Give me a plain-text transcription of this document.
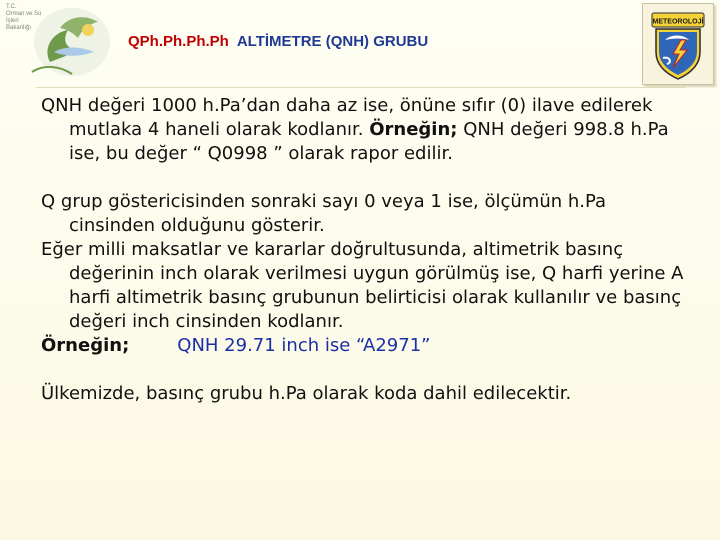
T.C.
Orman ve Su İşleri
Bakanlığı
QPh.Ph.Ph.Ph ALTİMETRE (QNH) GRUBU
METEOROLOJİ

QNH değeri 1000 h.Pa’dan daha az ise, önüne sıfır (0) ilave edilerek mutlaka 4 haneli olarak kodlanır. Örneğin; QNH değeri 998.8 h.Pa ise, bu değer “ Q0998 ” olarak rapor edilir.

Q grup göstericisinden sonraki sayı 0 veya 1 ise, ölçümün h.Pa cinsinden olduğunu gösterir.

Eğer milli maksatlar ve kararlar doğrultusunda, altimetrik basınç değerinin inch olarak verilmesi uygun görülmüş ise, Q harfi yerine A harfi altimetrik basınç grubunun belirticisi olarak kullanılır ve basınç değeri inch cinsinden kodlanır.

Örneğin;	QNH 29.71 inch ise “A2971”

Ülkemizde, basınç grubu h.Pa olarak koda dahil edilecektir.
